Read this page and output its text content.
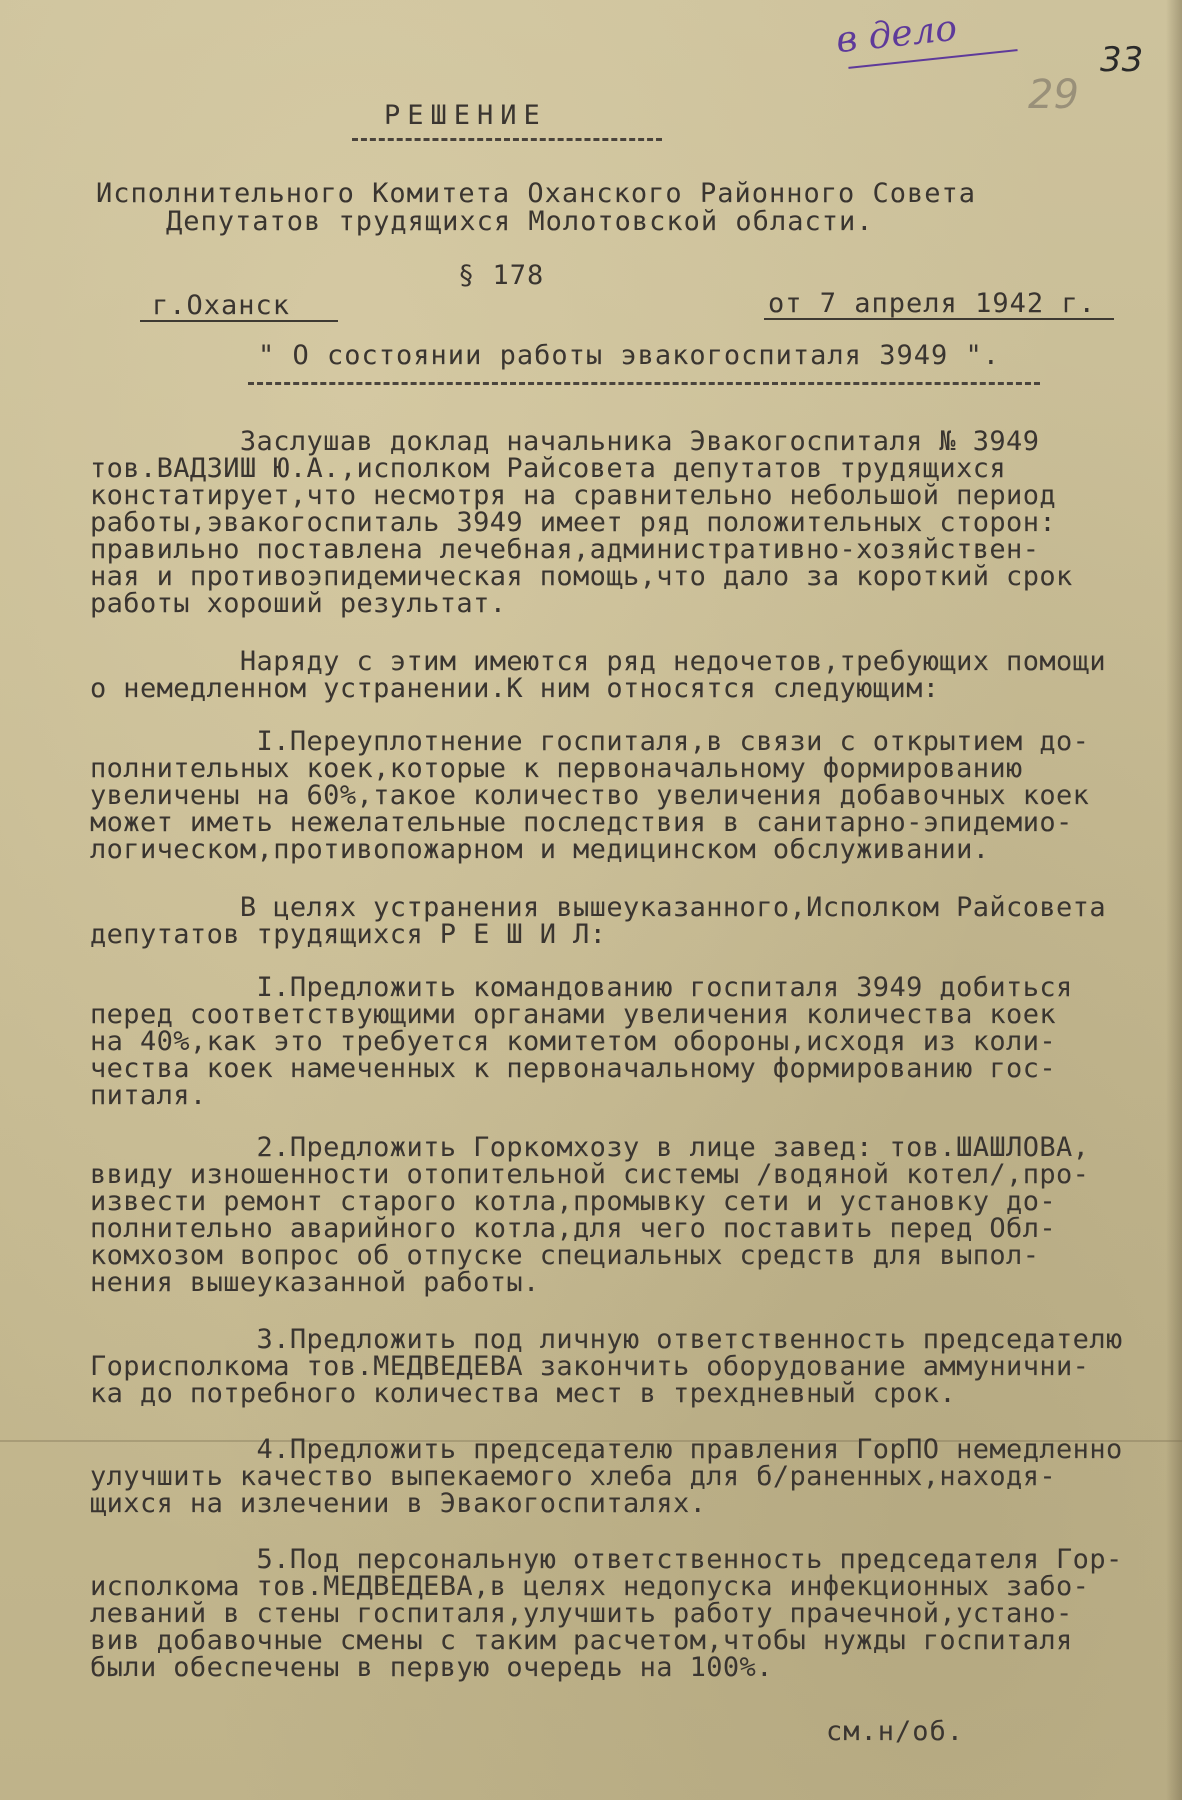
в дело	33
29
РЕШЕНИЕ
Исполнительного Комитета Оханского Районного Совета
Депутатов трудящихся Молотовской области.
§ 178
г.Оханск	от 7 апреля 1942 г.
" О состоянии работы эвакогоспиталя 3949 ".
Заслушав доклад начальника Эвакогоспиталя № 3949
тов.ВАДЗИШ Ю.А.,исполком Райсовета депутатов трудящихся
констатирует,что несмотря на сравнительно небольшой период
работы,эвакогоспиталь 3949 имеет ряд положительных сторон:
правильно поставлена лечебная,административно-хозяйствен-
ная и противоэпидемическая помощь,что дало за короткий срок
работы хороший результат.
Наряду с этим имеются ряд недочетов,требующих помощи
о немедленном устранении.К ним относятся следующим:
I.Переуплотнение госпиталя,в связи с открытием до-
полнительных коек,которые к первоначальному формированию
увеличены на 60%,такое количество увеличения добавочных коек
может иметь нежелательные последствия в санитарно-эпидемио-
логическом,противопожарном и медицинском обслуживании.
В целях устранения вышеуказанного,Исполком Райсовета
депутатов трудящихся Р Е Ш И Л:
I.Предложить командованию госпиталя 3949 добиться
перед соответствующими органами увеличения количества коек
на 40%,как это требуется комитетом обороны,исходя из коли-
чества коек намеченных к первоначальному формированию гос-
питаля.
2.Предложить Горкомхозу в лице завед: тов.ШАШЛОВА,
ввиду изношенности отопительной системы /водяной котел/,про-
извести ремонт старого котла,промывку сети и установку до-
полнительно аварийного котла,для чего поставить перед Обл-
комхозом вопрос об отпуске специальных средств для выпол-
нения вышеуказанной работы.
3.Предложить под личную ответственность председателю
Горисполкома тов.МЕДВЕДЕВА закончить оборудование аммунични-
ка до потребного количества мест в трехдневный срок.
4.Предложить председателю правления ГорПО немедленно
улучшить качество выпекаемого хлеба для б/раненных,находя-
щихся на излечении в Эвакогоспиталях.
5.Под персональную ответственность председателя Гор-
исполкома тов.МЕДВЕДЕВА,в целях недопуска инфекционных забо-
леваний в стены госпиталя,улучшить работу прачечной,устано-
вив добавочные смены с таким расчетом,чтобы нужды госпиталя
были обеспечены в первую очередь на 100%.
см.н/об.
